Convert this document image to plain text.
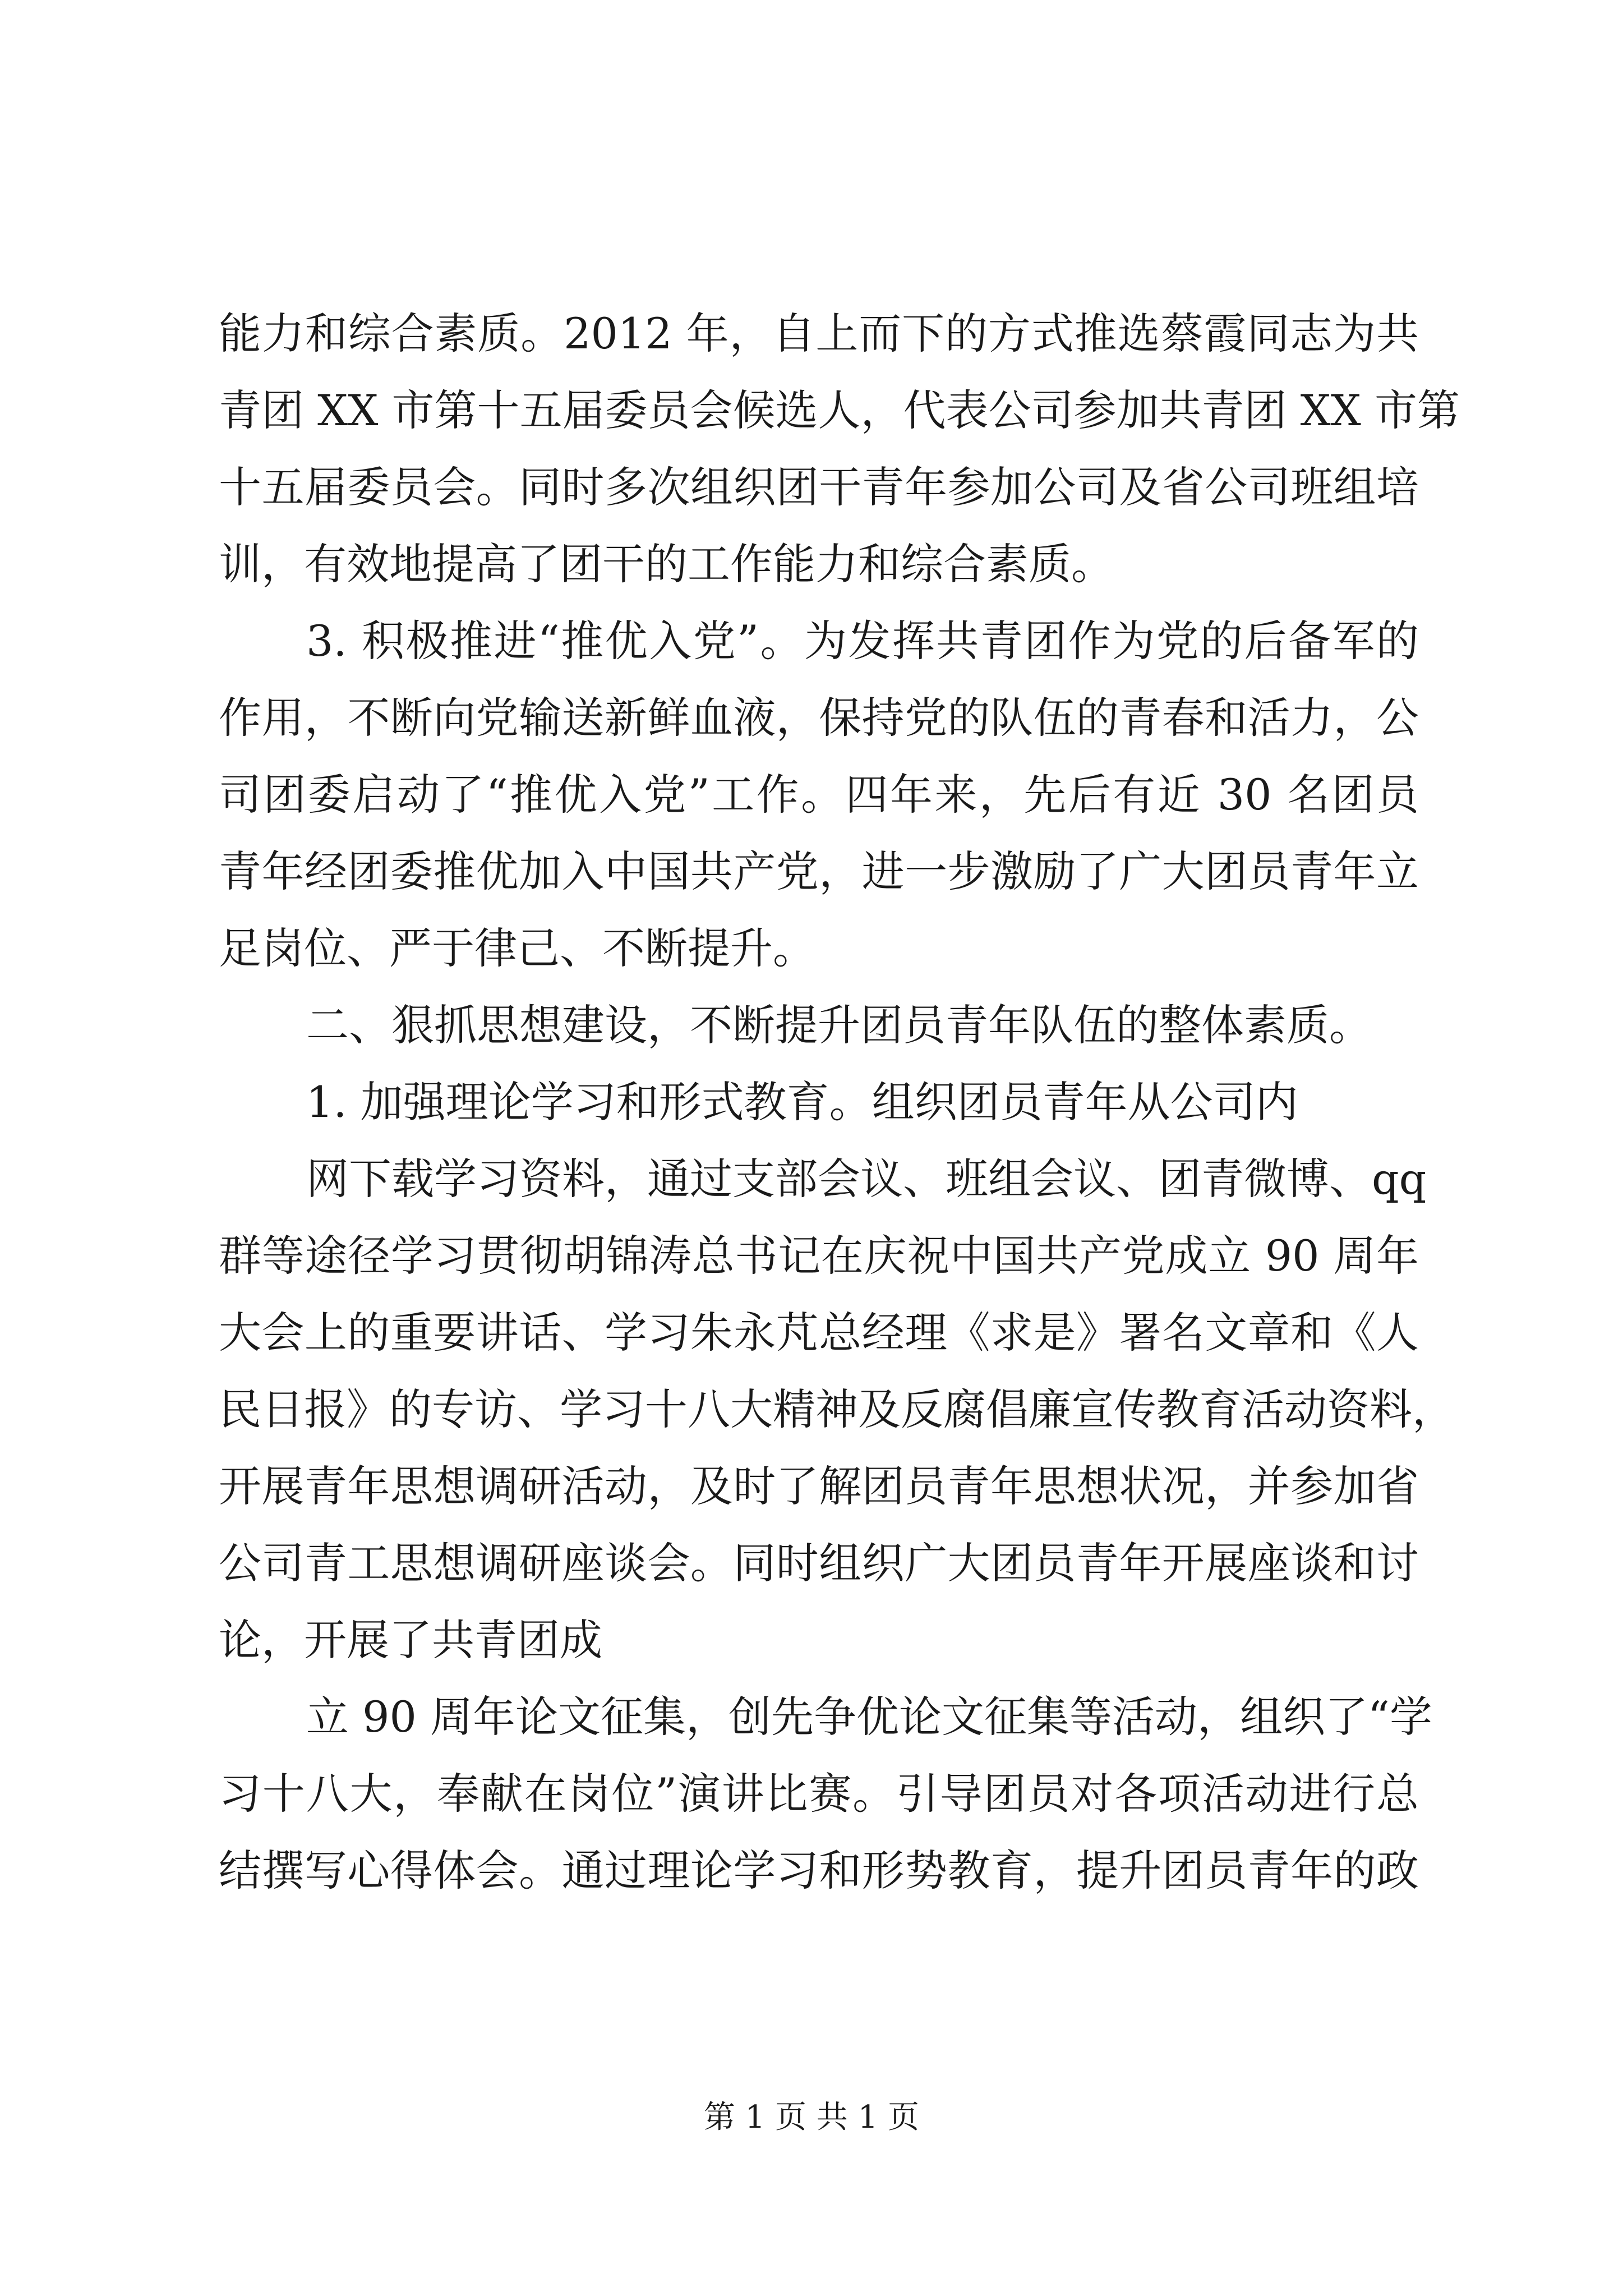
能力和综合素质。2012 年，自上而下的方式推选蔡霞同志为共
青团 XX 市第十五届委员会候选人，代表公司参加共青团 XX 市第
十五届委员会。同时多次组织团干青年参加公司及省公司班组培
训，有效地提高了团干的工作能力和综合素质。
3. 积极推进“推优入党”。为发挥共青团作为党的后备军的
作用，不断向党输送新鲜血液，保持党的队伍的青春和活力，公
司团委启动了“推优入党”工作。四年来，先后有近 30 名团员
青年经团委推优加入中国共产党，进一步激励了广大团员青年立
足岗位、严于律己、不断提升。
二、狠抓思想建设，不断提升团员青年队伍的整体素质。
1. 加强理论学习和形式教育。组织团员青年从公司内
网下载学习资料，通过支部会议、班组会议、团青微博、qq
群等途径学习贯彻胡锦涛总书记在庆祝中国共产党成立 90 周年
大会上的重要讲话、学习朱永芃总经理《求是》署名文章和《人
民日报》的专访、学习十八大精神及反腐倡廉宣传教育活动资料，
开展青年思想调研活动，及时了解团员青年思想状况，并参加省
公司青工思想调研座谈会。同时组织广大团员青年开展座谈和讨
论，开展了共青团成
立 90 周年论文征集，创先争优论文征集等活动，组织了“学
习十八大，奉献在岗位”演讲比赛。引导团员对各项活动进行总
结撰写心得体会。通过理论学习和形势教育，提升团员青年的政
第 1 页 共 1 页
